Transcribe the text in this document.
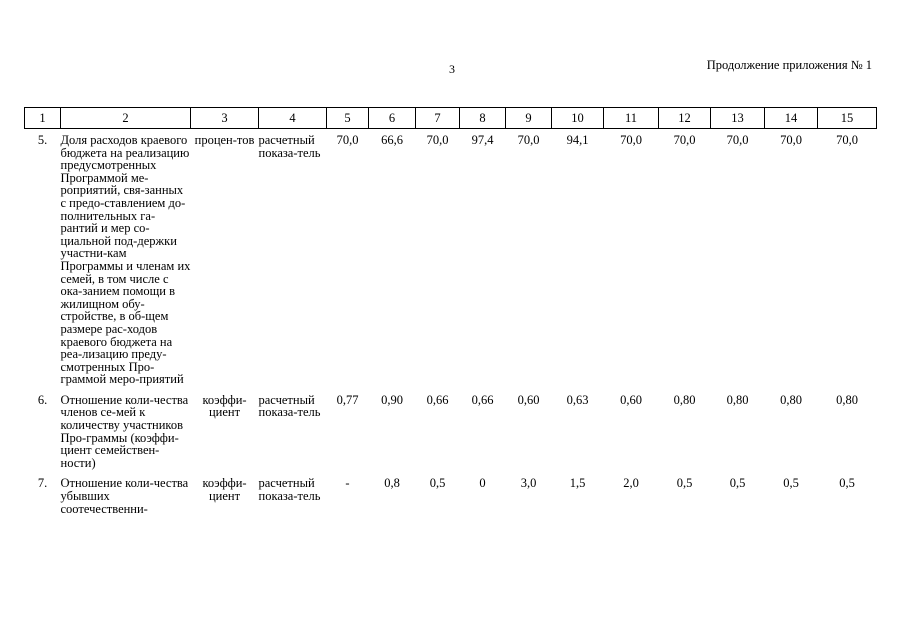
3	Продолжение приложения № 1
1	2	3	4	5	6	7	8	9	10	11	12	13	14	15

5.	Доля расходов краевого бюджета на реализацию предусмотренных Программой ме-роприятий, свя-занных с предо-ставлением до-полнительных га-рантий и мер со-циальной под-держки участни-кам Программы и членам их семей, в том числе с ока-занием помощи в жилищном обу-стройстве, в об-щем размере рас-ходов краевого бюджета на реа-лизацию преду-смотренных Про-граммой меро-приятий	процен-тов	расчетный показа-тель	70,0	66,6	70,0	97,4	70,0	94,1	70,0	70,0	70,0	70,0	70,0
6.	Отношение коли-чества членов се-мей к количеству участников Про-граммы (коэффи-циент семействен-ности)	коэффи-циент	расчетный показа-тель	0,77	0,90	0,66	0,66	0,60	0,63	0,60	0,80	0,80	0,80	0,80
7.	Отношение коли-чества убывших соотечественни-	коэффи-циент	расчетный показа-тель	-	0,8	0,5	0	3,0	1,5	2,0	0,5	0,5	0,5	0,5
